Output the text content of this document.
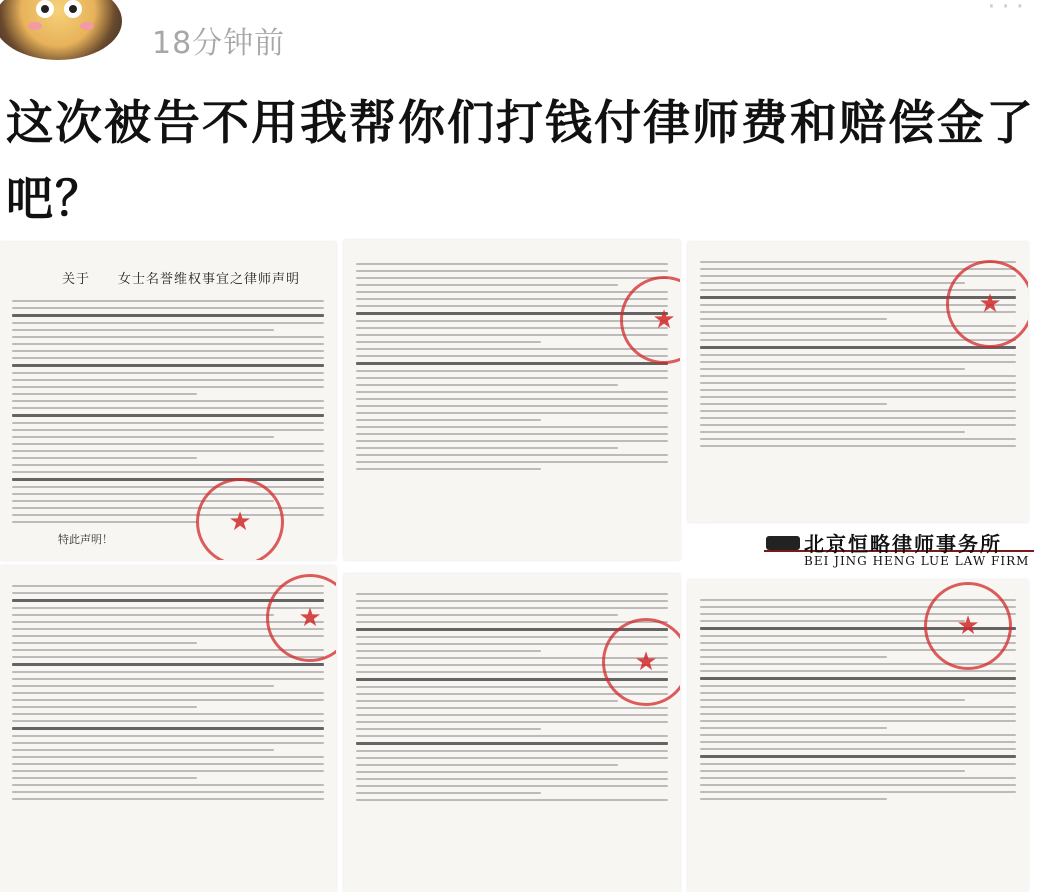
18分钟前
···
这次被告不用我帮你们打钱付律师费和赔偿金了吧？
关于　　女士名誉维权事宜之律师声明
特此声明！
★
★
★
北京恒略律师事务所
BEI JING HENG LUE LAW FIRM
★
★
★
